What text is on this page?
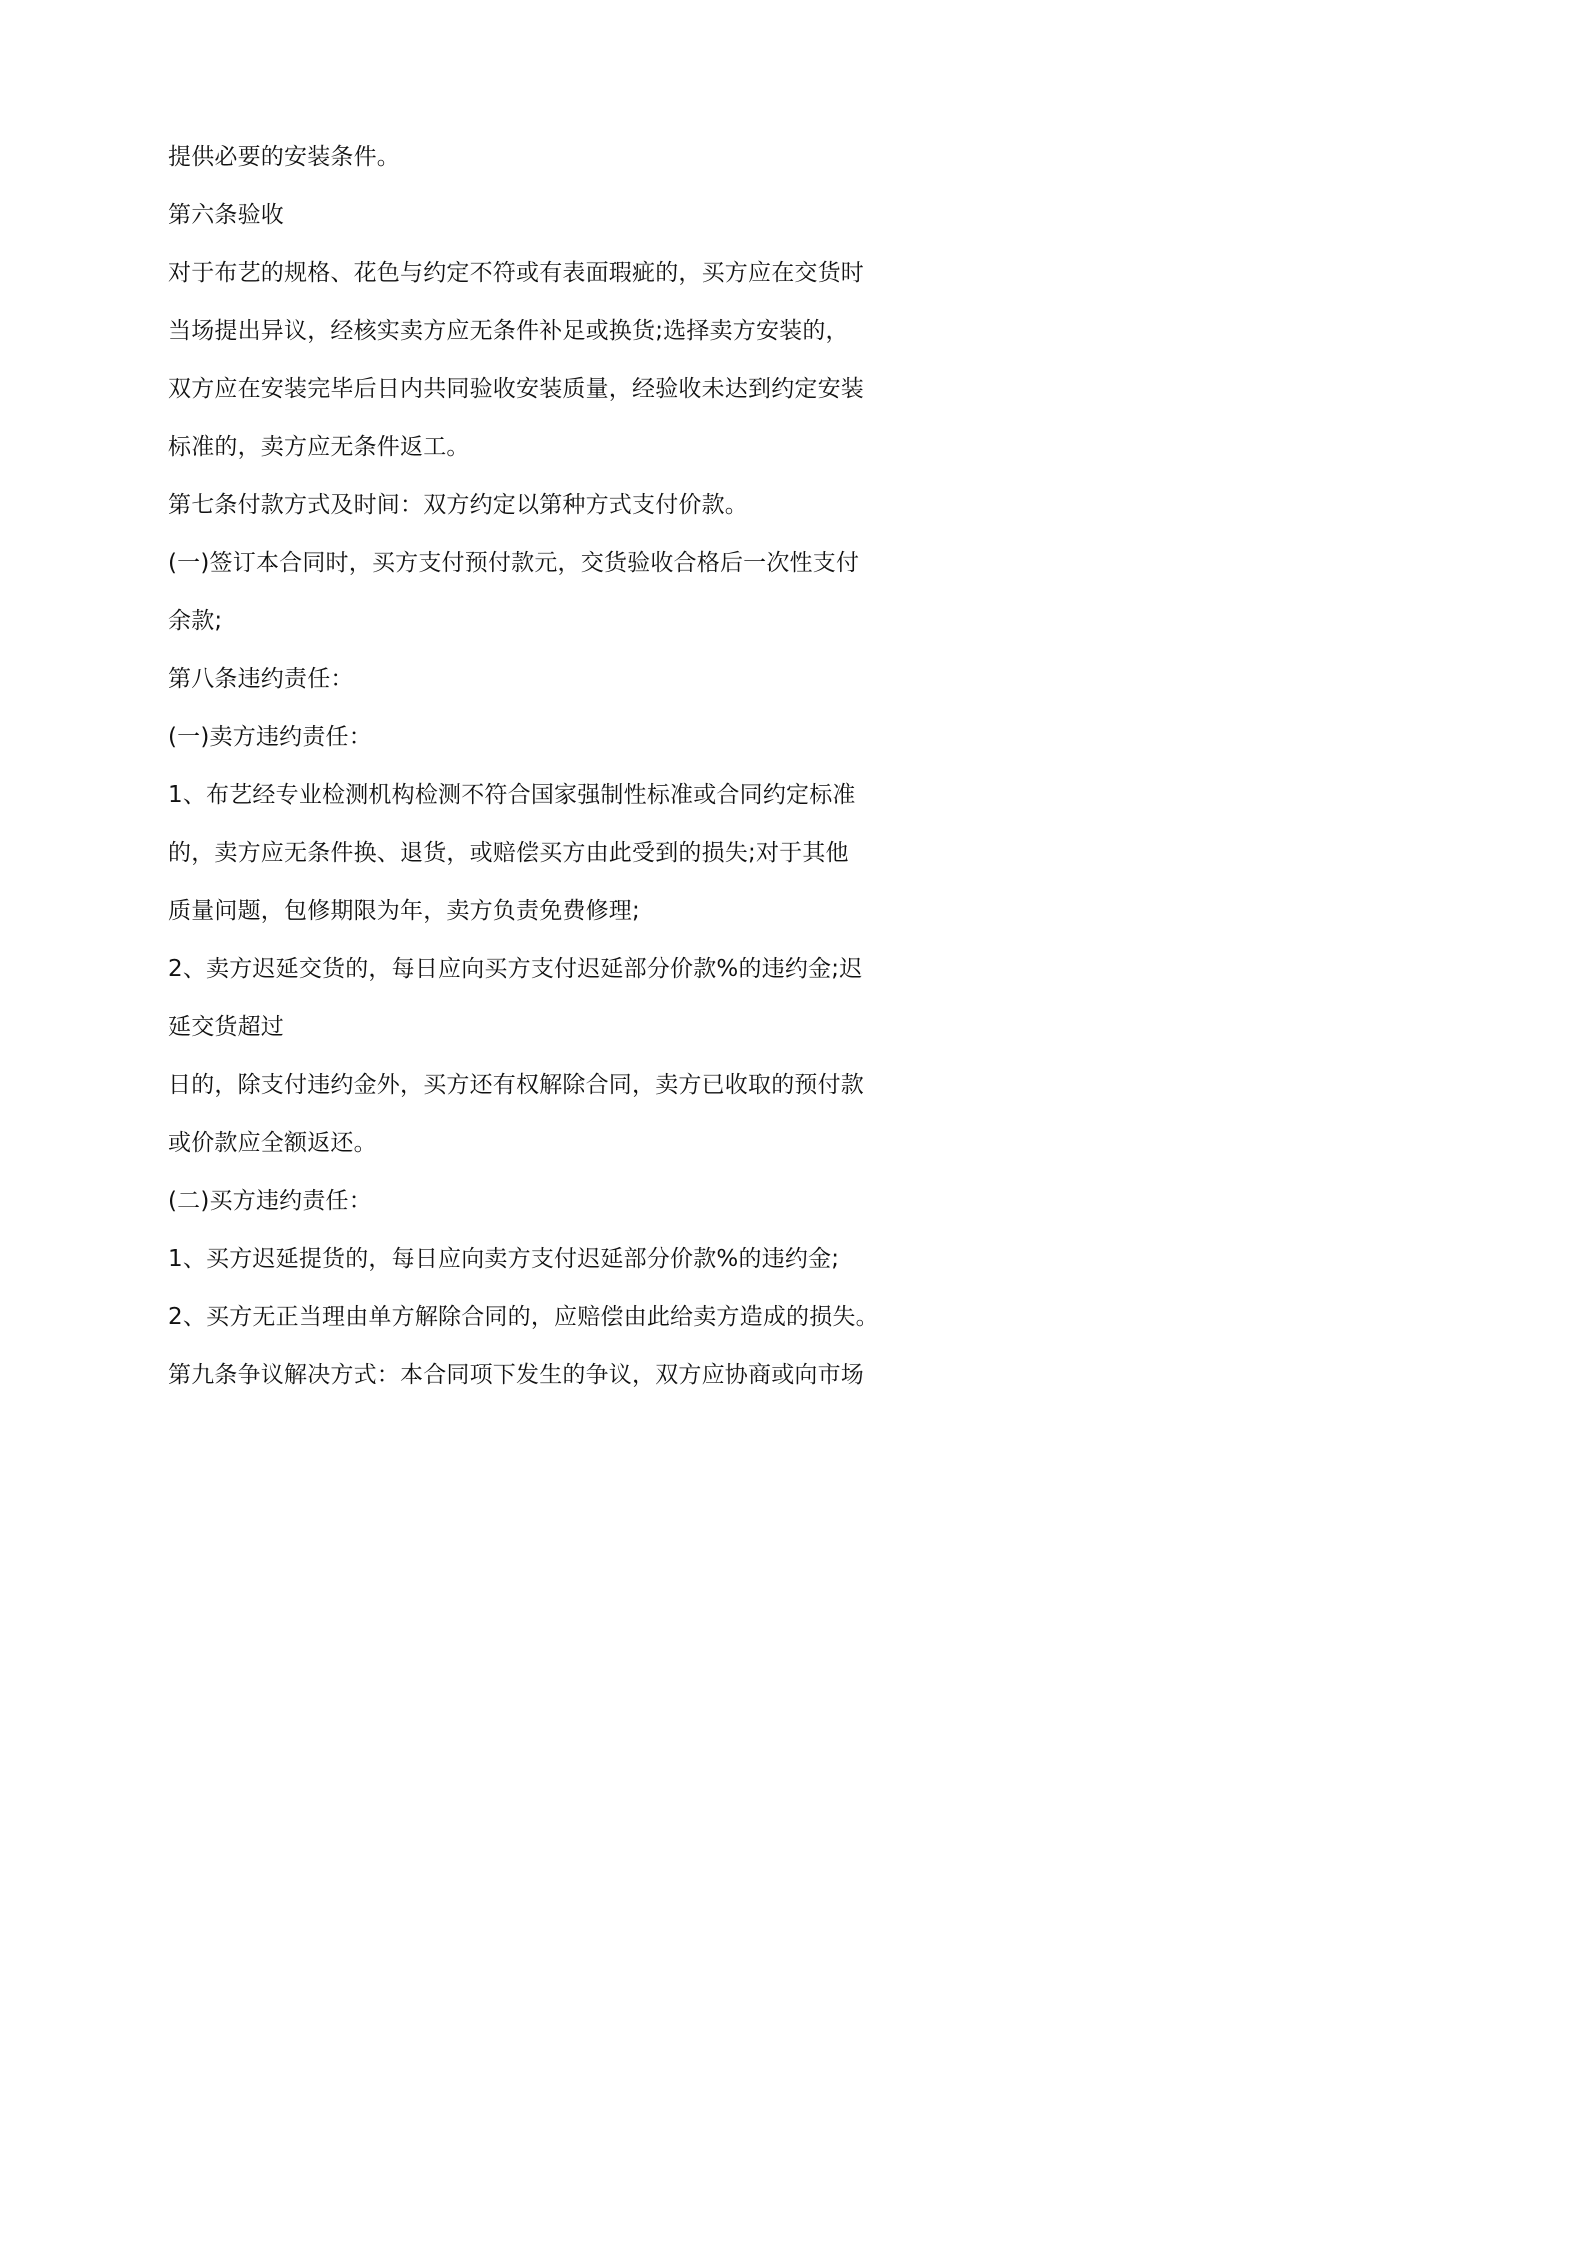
提供必要的安装条件。
第六条验收
对于布艺的规格、花色与约定不符或有表面瑕疵的，买方应在交货时
当场提出异议，经核实卖方应无条件补足或换货;选择卖方安装的，
双方应在安装完毕后日内共同验收安装质量，经验收未达到约定安装
标准的，卖方应无条件返工。
第七条付款方式及时间：双方约定以第种方式支付价款。
(一)签订本合同时，买方支付预付款元，交货验收合格后一次性支付
余款;
第八条违约责任：
(一)卖方违约责任：
1、布艺经专业检测机构检测不符合国家强制性标准或合同约定标准
的，卖方应无条件换、退货，或赔偿买方由此受到的损失;对于其他
质量问题，包修期限为年，卖方负责免费修理;
2、卖方迟延交货的，每日应向买方支付迟延部分价款%的违约金;迟
延交货超过
日的，除支付违约金外，买方还有权解除合同，卖方已收取的预付款
或价款应全额返还。
(二)买方违约责任：
1、买方迟延提货的，每日应向卖方支付迟延部分价款%的违约金;
2、买方无正当理由单方解除合同的，应赔偿由此给卖方造成的损失。
第九条争议解决方式：本合同项下发生的争议，双方应协商或向市场
